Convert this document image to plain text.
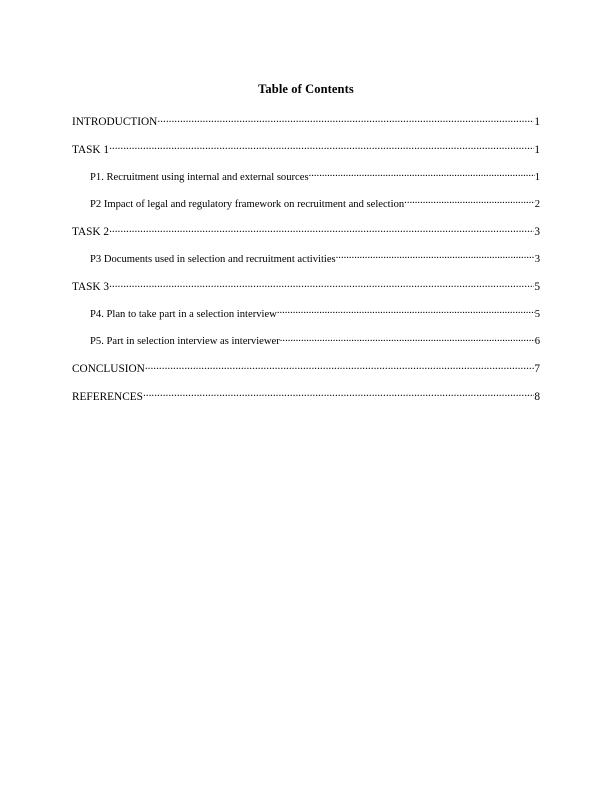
Table of Contents
INTRODUCTION .....	1
TASK 1 .....	1
P1. Recruitment using internal and external sources .....	1
P2 Impact of legal and regulatory framework on recruitment and selection .....	2
TASK 2 .....	3
P3 Documents used in selection and recruitment activities .....	3
TASK 3 .....	5
P4. Plan to take part in a selection interview .....	5
P5. Part in selection interview as interviewer .....	6
CONCLUSION .....	7
REFERENCES .....	8
